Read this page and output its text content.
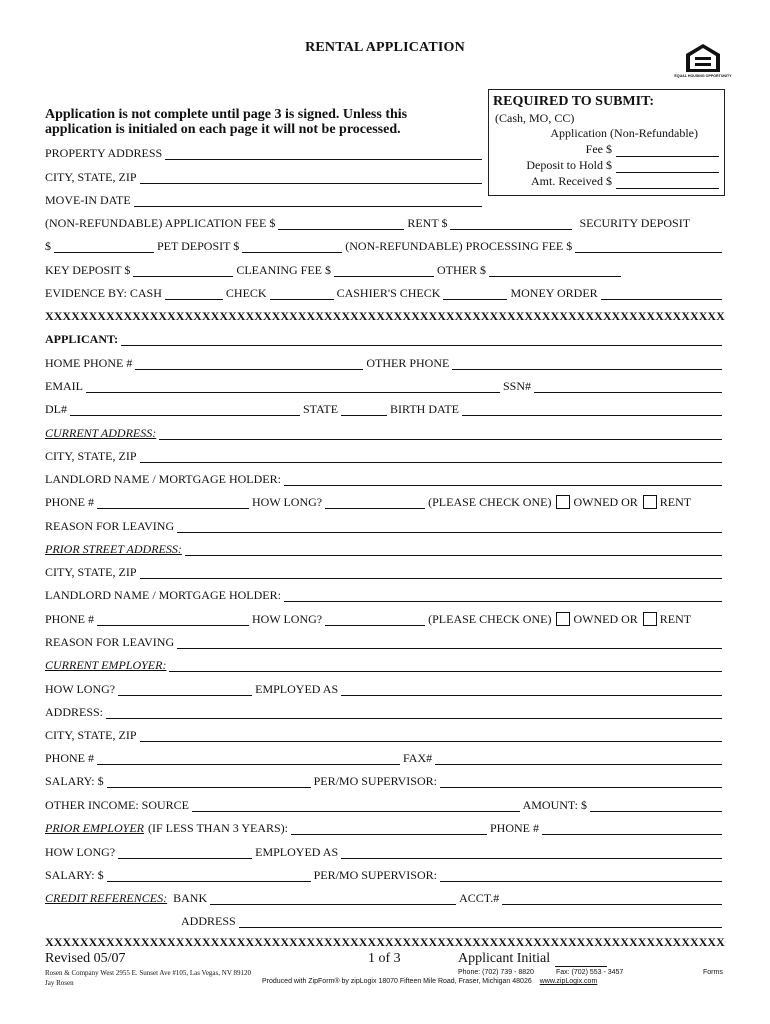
RENTAL APPLICATION
EQUAL HOUSING OPPORTUNITY
Application is not complete until page 3 is signed. Unless this
application is initialed on each page it will not be processed.
REQUIRED TO SUBMIT:
(Cash, MO, CC)
Application (Non-Refundable)
Fee $
Deposit to Hold $
Amt. Received $
PROPERTY ADDRESS
CITY, STATE, ZIP
MOVE-IN DATE
(NON-REFUNDABLE) APPLICATION FEE $	RENT $	SECURITY DEPOSIT
$	PET DEPOSIT $	(NON-REFUNDABLE) PROCESSING FEE $
KEY DEPOSIT $	CLEANING FEE $	OTHER $
EVIDENCE BY: CASH	CHECK	CASHIER'S CHECK	MONEY ORDER
XXXXXXXXXXXXXXXXXXXXXXXXXXXXXXXXXXXXXXXXXXXXXXXXXXXXXXXXXXXXXXXXXXXXXXXXXXXXXX
APPLICANT:
HOME PHONE #	OTHER PHONE
EMAIL	SSN#
DL#	STATE	BIRTH DATE
CURRENT ADDRESS:
CITY, STATE, ZIP
LANDLORD NAME / MORTGAGE HOLDER:
PHONE #	HOW LONG?	(PLEASE CHECK ONE) OWNED OR RENT
REASON FOR LEAVING
PRIOR STREET ADDRESS:
CITY, STATE, ZIP
LANDLORD NAME / MORTGAGE HOLDER:
PHONE #	HOW LONG?	(PLEASE CHECK ONE) OWNED OR RENT
REASON FOR LEAVING
CURRENT EMPLOYER:
HOW LONG?	EMPLOYED AS
ADDRESS:
CITY, STATE, ZIP
PHONE #	FAX#
SALARY: $	PER/MO SUPERVISOR:
OTHER INCOME: SOURCE	AMOUNT: $
PRIOR EMPLOYER (IF LESS THAN 3 YEARS):	PHONE #
HOW LONG?	EMPLOYED AS
SALARY: $	PER/MO SUPERVISOR:
CREDIT REFERENCES: BANK	ACCT.#
ADDRESS
XXXXXXXXXXXXXXXXXXXXXXXXXXXXXXXXXXXXXXXXXXXXXXXXXXXXXXXXXXXXXXXXXXXXXXXXXXXXXX
Revised 05/07	1 of 3	Applicant Initial
Rosen & Company West 2955 E. Sunset Ave #105, Las Vegas, NV 89120
Jay Rosen
Phone: (702) 739 - 8820	Fax: (702) 553 - 3457	Forms
Produced with ZipForm® by zipLogix 18070 Fifteen Mile Road, Fraser, Michigan 48026 www.zipLogix.com
